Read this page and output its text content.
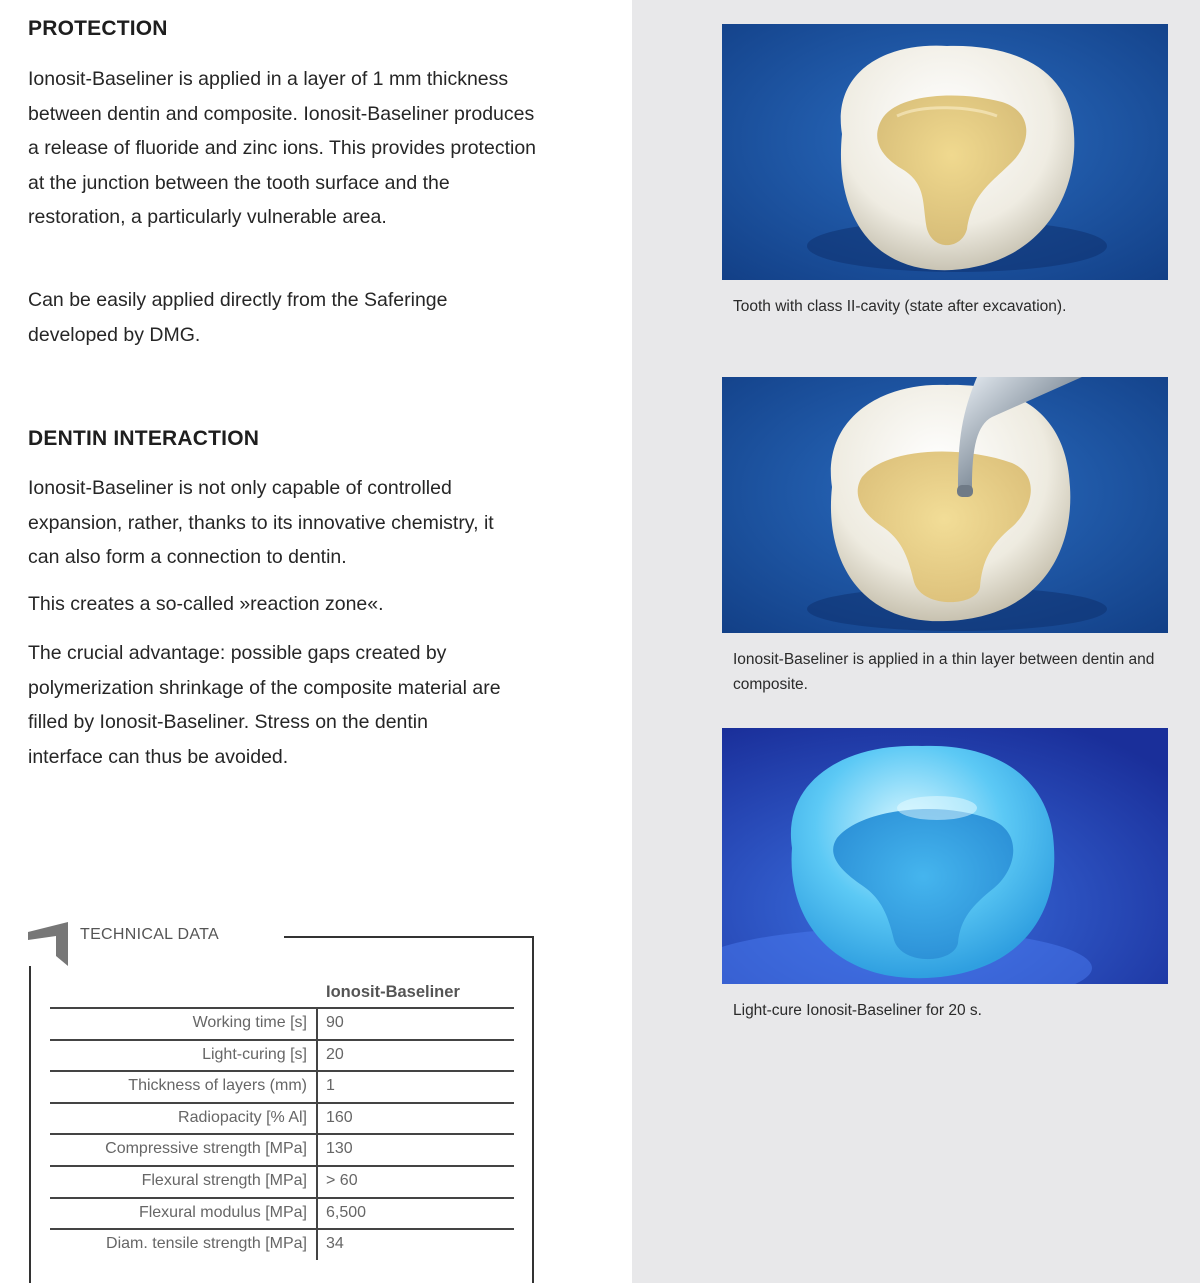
PROTECTION

Ionosit-Baseliner is applied in a layer of 1 mm thickness between dentin and composite. Ionosit-Baseliner produces a release of fluoride and zinc ions. This provides protection at the junction between the tooth surface and the restoration, a particularly vulnerable area.

Can be easily applied directly from the Saferinge developed by DMG.

DENTIN INTERACTION

Ionosit-Baseliner is not only capable of controlled expansion, rather, thanks to its innovative chemistry, it can also form a connection to dentin.

This creates a so-called »reaction zone«.

The crucial advantage: possible gaps created by polymerization shrinkage of the composite material are filled by Ionosit-Baseliner. Stress on the dentin interface can thus be avoided.

TECHNICAL DATA
Ionosit-Baseliner
Working time [s] 90
Light-curing [s] 20
Thickness of layers (mm) 1
Radiopacity [% Al] 160
Compressive strength [MPa] 130
Flexural strength [MPa] > 60
Flexural modulus [MPa] 6,500
Diam. tensile strength [MPa] 34

Tooth with class II-cavity (state after excavation).

Ionosit-Baseliner is applied in a thin layer between dentin and composite.

Light-cure Ionosit-Baseliner for 20 s.
